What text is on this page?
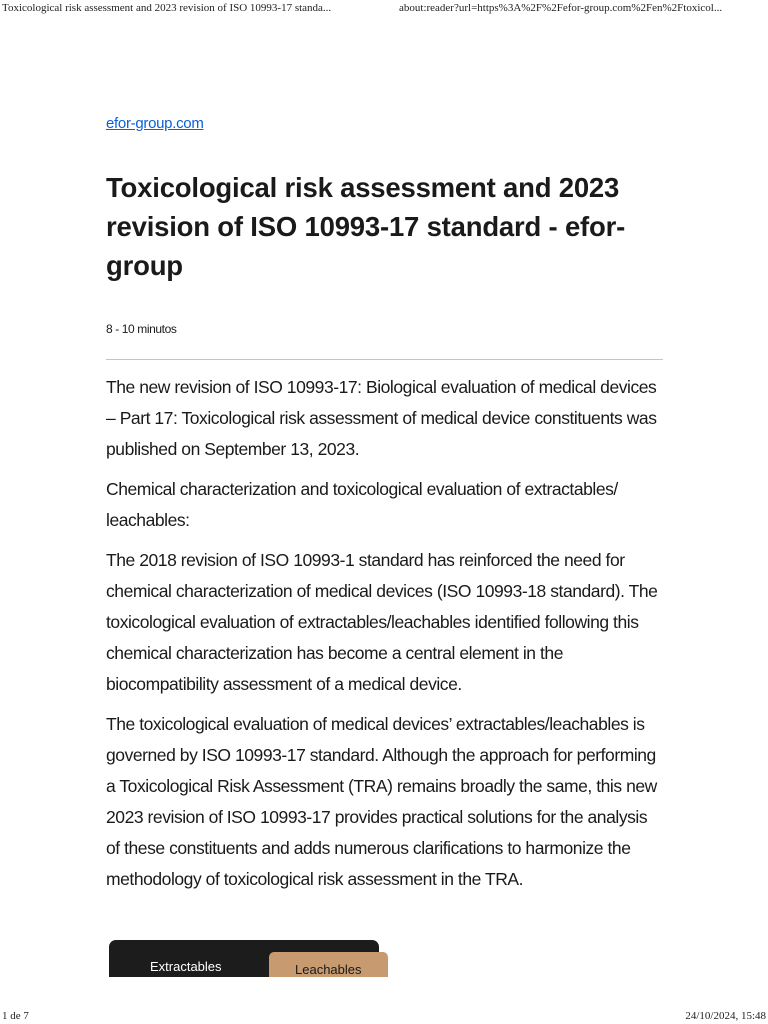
Toxicological risk assessment and 2023 revision of ISO 10993-17 standa...	about:reader?url=https%3A%2F%2Fefor-group.com%2Fen%2Ftoxicol...
efor-group.com
Toxicological risk assessment and 2023 revision of ISO 10993-17 standard - efor-group
8 - 10 minutos

The new revision of ISO 10993-17: Biological evaluation of medical devices – Part 17: Toxicological risk assessment of medical device constituents was published on September 13, 2023.

Chemical characterization and toxicological evaluation of extractables/ leachables:

The 2018 revision of ISO 10993-1 standard has reinforced the need for chemical characterization of medical devices (ISO 10993-18 standard). The toxicological evaluation of extractables/leachables identified following this chemical characterization has become a central element in the biocompatibility assessment of a medical device.

The toxicological evaluation of medical devices’ extractables/leachables is governed by ISO 10993-17 standard. Although the approach for performing a Toxicological Risk Assessment (TRA) remains broadly the same, this new 2023 revision of ISO 10993-17 provides practical solutions for the analysis of these constituents and adds numerous clarifications to harmonize the methodology of toxicological risk assessment in the TRA.

Extractables	Leachables
1 de 7	24/10/2024, 15:48
